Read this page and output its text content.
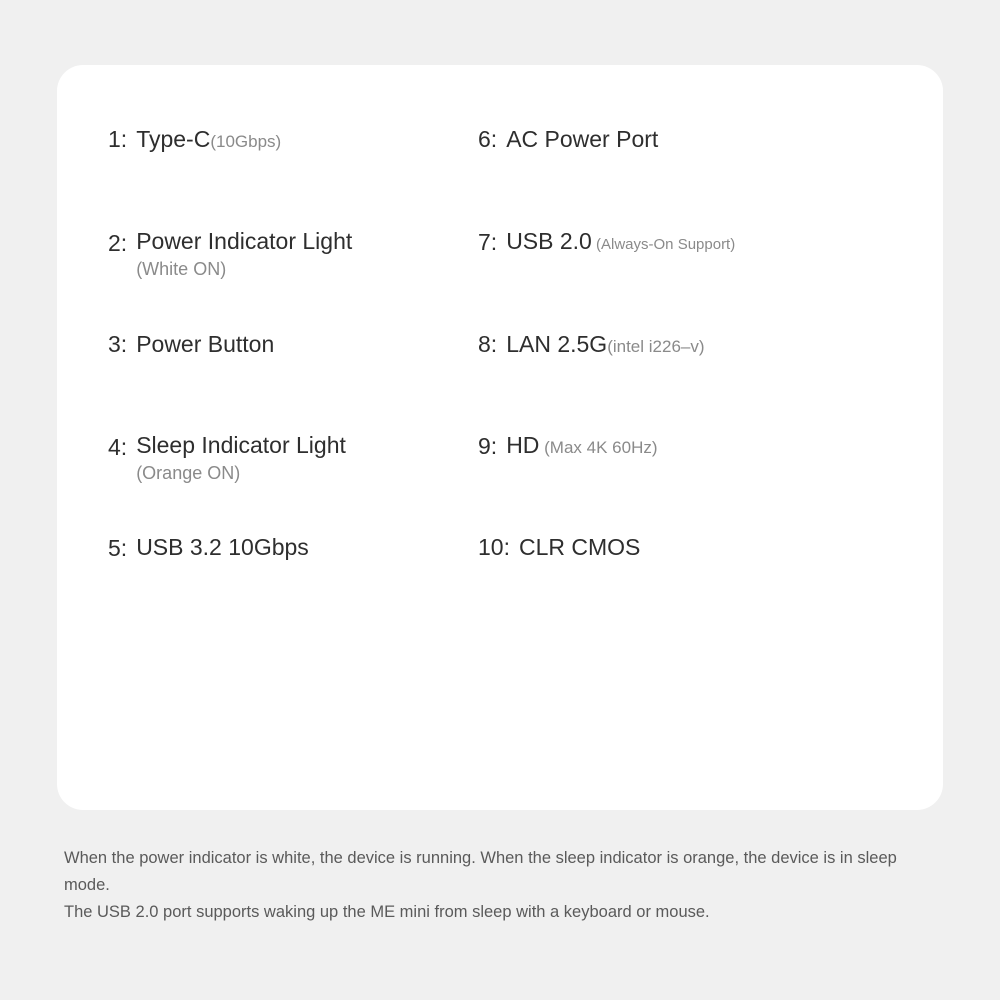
1: Type-C(10Gbps)
2: Power Indicator Light
(White ON)
3: Power Button
4: Sleep Indicator Light
(Orange ON)
5: USB 3.2 10Gbps
6: AC Power Port
7: USB 2.0 (Always-On Support)
8: LAN 2.5G(intel i226–v)
9: HD (Max 4K 60Hz)
10: CLR CMOS

When the power indicator is white, the device is running. When the sleep indicator is orange, the device is in sleep mode.

The USB 2.0 port supports waking up the ME mini from sleep with a keyboard or mouse.
